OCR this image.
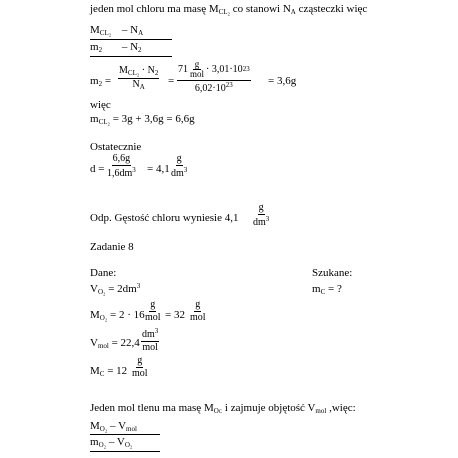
jeden mol chloru ma masę $M_{CL_2}$ co stanowi $N_A$ cząsteczki więc
$M_{CL_2} - N_A$
$m_2 - N_2$
$m_2$ =
$M_{CL_2} \cdot N_2$
$N_A$ =
71 g
mol · 3,01·10 23
$6,02\cdot 10^{23}$	= 3,6g
więc
$m_{CL_2} = 3g + 3,6g = 6,6g$
Ostatecznie
$d = \frac{6,6g}{1,6dm^3} = 4,1 \frac{g}{dm^3}$
Odp. Gęstość chloru wyniesie $4,1 \frac{g}{dm^3}$
Zadanie 8
Dane:	Szukane:
$m_C$ = ?
$V_{O_2} = 2dm^3$
$M_{O_2} = 2 \cdot 16$
g
mol = 32
g
mol
$V_{mol} = 22,4$
$dm^3$
mol
$M_C = 12$
g
mol
Jeden mol tlenu ma masę $M_{OC}$ i zajmuje objętość $V_{mol}$ ,więc:
$M_{O_2} - V_{mol}$
$m_{O_2} - V_{O_2}$
